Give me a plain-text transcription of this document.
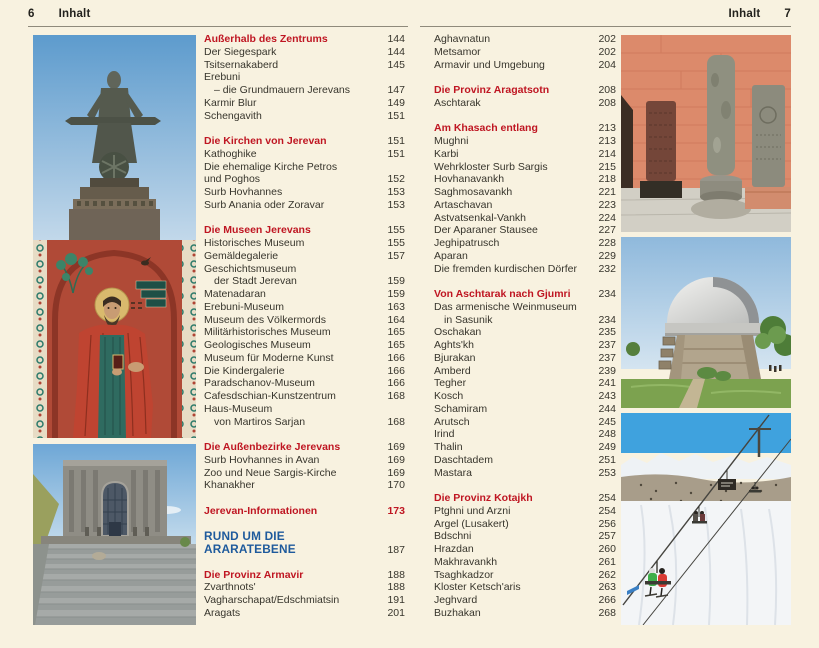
6 Inhalt	Inhalt 7
Außerhalb des Zentrums	144
Der Siegespark	144
Tsitsernakaberd	145
Erebuni
– die Grundmauern Jerevans	147
Karmir Blur	149
Schengavith	151
Die Kirchen von Jerevan	151
Kathoghike	151
Die ehemalige Kirche Petros
und Poghos	152
Surb Hovhannes	153
Surb Anania oder Zoravar	153
Die Museen Jerevans	155
Historisches Museum	155
Gemäldegalerie	157
Geschichtsmuseum
der Stadt Jerevan	159
Matenadaran	159
Erebuni-Museum	163
Museum des Völkermords	164
Militärhistorisches Museum	165
Geologisches Museum	165
Museum für Moderne Kunst	166
Die Kindergalerie	166
Paradschanov-Museum	166
Cafesdschian-Kunstzentrum	168
Haus-Museum
von Martiros Sarjan	168
Die Außenbezirke Jerevans	169
Surb Hovhannes in Avan	169
Zoo und Neue Sargis-Kirche	169
Khanakher	170
Jerevan-Informationen	173
RUND UM DIE
ARARATEBENE	187
Die Provinz Armavir	188
Zvarthnots'	188
Vagharschapat/Edschmiatsin	191
Aragats	201
Aghavnatun	202
Metsamor	202
Armavir und Umgebung	204
Die Provinz Aragatsotn	208
Aschtarak	208
Am Khasach entlang	213
Mughni	213
Karbi	214
Wehrkloster Surb Sargis	215
Hovhanavankh	218
Saghmosavankh	221
Artaschavan	223
Astvatsenkal-Vankh	224
Der Aparaner Stausee	227
Jeghipatrusch	228
Aparan	229
Die fremden kurdischen Dörfer	232
Von Aschtarak nach Gjumri	234
Das armenische Weinmuseum
in Sasunik	234
Oschakan	235
Aghts'kh	237
Bjurakan	237
Amberd	239
Tegher	241
Kosch	243
Schamiram	244
Arutsch	245
Irind	248
Thalin	249
Daschtadem	251
Mastara	253
Die Provinz Kotajkh	254
Ptghni und Arzni	254
Argel (Lusakert)	256
Bdschni	257
Hrazdan	260
Makhravankh	261
Tsaghkadzor	262
Kloster Ketsch'aris	263
Jeghvard	266
Buzhakan	268
